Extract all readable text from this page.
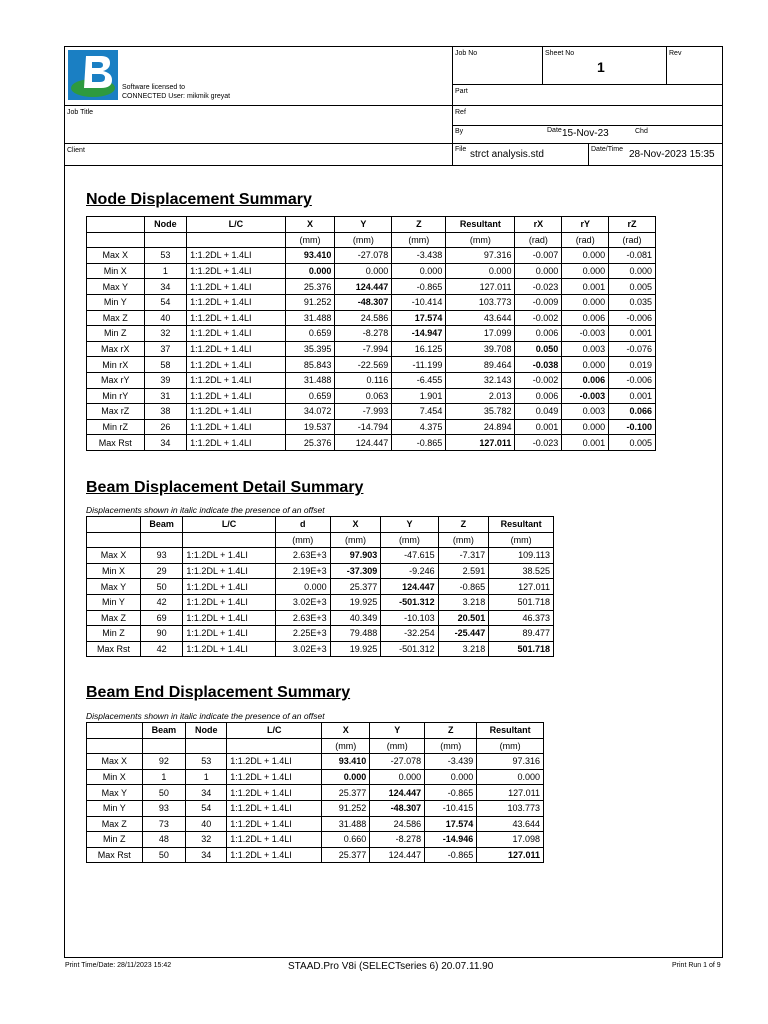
Software licensed to
CONNECTED User: mikmik greyat
Job Title
Client
Job No	Sheet No
1
Rev
Part
Ref
By	Date 15-Nov-23	Chd
File strct analysis.std	Date/Time 28-Nov-2023 15:35
Node Displacement Summary
	Node	L/C	X	Y	Z	Resultant	rX	rY	rZ
			(mm)	(mm)	(mm)	(mm)	(rad)	(rad)	(rad)
Max X	53	1:1.2DL + 1.4LI	93.410	-27.078	-3.438	97.316	-0.007	0.000	-0.081
Min X	1	1:1.2DL + 1.4LI	0.000	0.000	0.000	0.000	0.000	0.000	0.000
Max Y	34	1:1.2DL + 1.4LI	25.376	124.447	-0.865	127.011	-0.023	0.001	0.005
Min Y	54	1:1.2DL + 1.4LI	91.252	-48.307	-10.414	103.773	-0.009	0.000	0.035
Max Z	40	1:1.2DL + 1.4LI	31.488	24.586	17.574	43.644	-0.002	0.006	-0.006
Min Z	32	1:1.2DL + 1.4LI	0.659	-8.278	-14.947	17.099	0.006	-0.003	0.001
Max rX	37	1:1.2DL + 1.4LI	35.395	-7.994	16.125	39.708	0.050	0.003	-0.076
Min rX	58	1:1.2DL + 1.4LI	85.843	-22.569	-11.199	89.464	-0.038	0.000	0.019
Max rY	39	1:1.2DL + 1.4LI	31.488	0.116	-6.455	32.143	-0.002	0.006	-0.006
Min rY	31	1:1.2DL + 1.4LI	0.659	0.063	1.901	2.013	0.006	-0.003	0.001
Max rZ	38	1:1.2DL + 1.4LI	34.072	-7.993	7.454	35.782	0.049	0.003	0.066
Min rZ	26	1:1.2DL + 1.4LI	19.537	-14.794	4.375	24.894	0.001	0.000	-0.100
Max Rst	34	1:1.2DL + 1.4LI	25.376	124.447	-0.865	127.011	-0.023	0.001	0.005
Beam Displacement Detail Summary
Displacements shown in italic indicate the presence of an offset
	Beam	L/C	d	X	Y	Z	Resultant
			(mm)	(mm)	(mm)	(mm)	(mm)
Max X	93	1:1.2DL + 1.4LI	2.63E+3	97.903	-47.615	-7.317	109.113
Min X	29	1:1.2DL + 1.4LI	2.19E+3	-37.309	-9.246	2.591	38.525
Max Y	50	1:1.2DL + 1.4LI	0.000	25.377	124.447	-0.865	127.011
Min Y	42	1:1.2DL + 1.4LI	3.02E+3	19.925	-501.312	3.218	501.718
Max Z	69	1:1.2DL + 1.4LI	2.63E+3	40.349	-10.103	20.501	46.373
Min Z	90	1:1.2DL + 1.4LI	2.25E+3	79.488	-32.254	-25.447	89.477
Max Rst	42	1:1.2DL + 1.4LI	3.02E+3	19.925	-501.312	3.218	501.718
Beam End Displacement Summary
Displacements shown in italic indicate the presence of an offset
	Beam	Node	L/C	X	Y	Z	Resultant
				(mm)	(mm)	(mm)	(mm)
Max X	92	53	1:1.2DL + 1.4LI	93.410	-27.078	-3.439	97.316
Min X	1	1	1:1.2DL + 1.4LI	0.000	0.000	0.000	0.000
Max Y	50	34	1:1.2DL + 1.4LI	25.377	124.447	-0.865	127.011
Min Y	93	54	1:1.2DL + 1.4LI	91.252	-48.307	-10.415	103.773
Max Z	73	40	1:1.2DL + 1.4LI	31.488	24.586	17.574	43.644
Min Z	48	32	1:1.2DL + 1.4LI	0.660	-8.278	-14.946	17.098
Max Rst	50	34	1:1.2DL + 1.4LI	25.377	124.447	-0.865	127.011
Print Time/Date: 28/11/2023 15:42	STAAD.Pro V8i (SELECTseries 6) 20.07.11.90	Print Run 1 of 9
